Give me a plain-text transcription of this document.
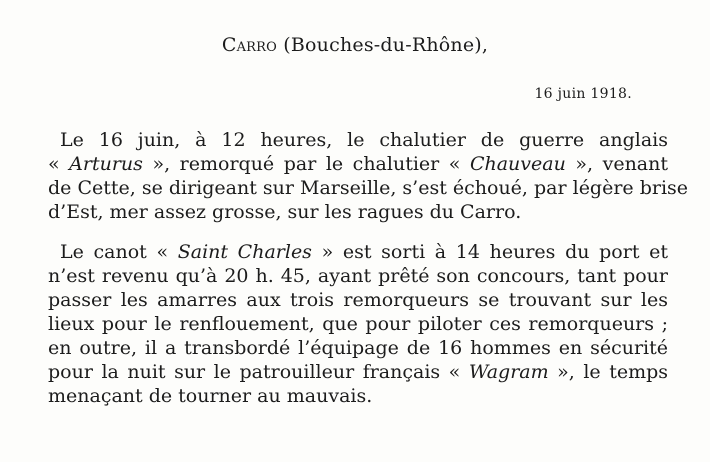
Carro (Bouches-du-Rhône),
16 juin 1918.
Le 16 juin, à 12 heures, le chalutier de guerre anglais
« Arturus », remorqué par le chalutier « Chauveau », venant
de Cette, se dirigeant sur Marseille, s’est échoué, par légère brise
d’Est, mer assez grosse, sur les ragues du Carro.
Le canot « Saint Charles » est sorti à 14 heures du port et
n’est revenu qu’à 20 h. 45, ayant prêté son concours, tant pour
passer les amarres aux trois remorqueurs se trouvant sur les
lieux pour le renflouement, que pour piloter ces remorqueurs ;
en outre, il a transbordé l’équipage de 16 hommes en sécurité
pour la nuit sur le patrouilleur français « Wagram », le temps
menaçant de tourner au mauvais.
